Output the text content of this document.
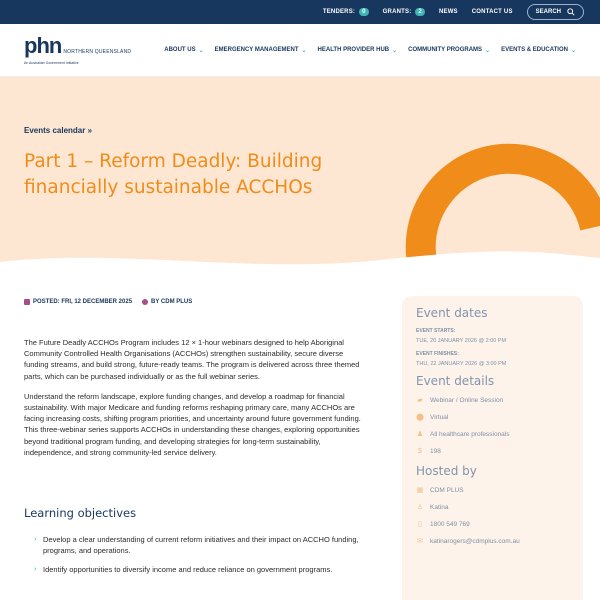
TENDERS:	0	GRANTS:	2	NEWS CONTACT US	SEARCH
phn NORTHERN QUEENSLAND
An Australian Government Initiative
ABOUT US ⌄ EMERGENCY MANAGEMENT ⌄ HEALTH PROVIDER HUB ⌄ COMMUNITY PROGRAMS ⌄ EVENTS & EDUCATION ⌄
Events calendar »
Part 1 – Reform Deadly: Building financially sustainable ACCHOs
POSTED: FRI, 12 DECEMBER 2025	BY CDM PLUS

The Future Deadly ACCHOs Program includes 12 × 1-hour webinars designed to help Aboriginal Community Controlled Health Organisations (ACCHOs) strengthen sustainability, secure diverse funding streams, and build strong, future-ready teams. The program is delivered across three themed parts, which can be purchased individually or as the full webinar series.

Understand the reform landscape, explore funding changes, and develop a roadmap for financial sustainability. With major Medicare and funding reforms reshaping primary care, many ACCHOs are facing increasing costs, shifting program priorities, and uncertainty around future government funding. This three-webinar series supports ACCHOs in understanding these changes, exploring opportunities beyond traditional program funding, and developing strategies for long-term sustainability, independence, and strong community-led service delivery.

Learning objectives
› Develop a clear understanding of current reform initiatives and their impact on ACCHO funding, programs, and operations.
› Identify opportunities to diversify income and reduce reliance on government programs.
Event dates
EVENT STARTS:
TUE, 20 JANUARY 2026 @ 2:00 PM
EVENT FINISHES:
THU, 22 JANUARY 2026 @ 3:00 PM
Event details
▰ Webinar / Online Session
⬤ Virtual
♟ All healthcare professionals
$	198
Hosted by
▦ CDM PLUS
♙ Katina
▯	1800 549 769
✉ katinarogers@cdmplus.com.au
